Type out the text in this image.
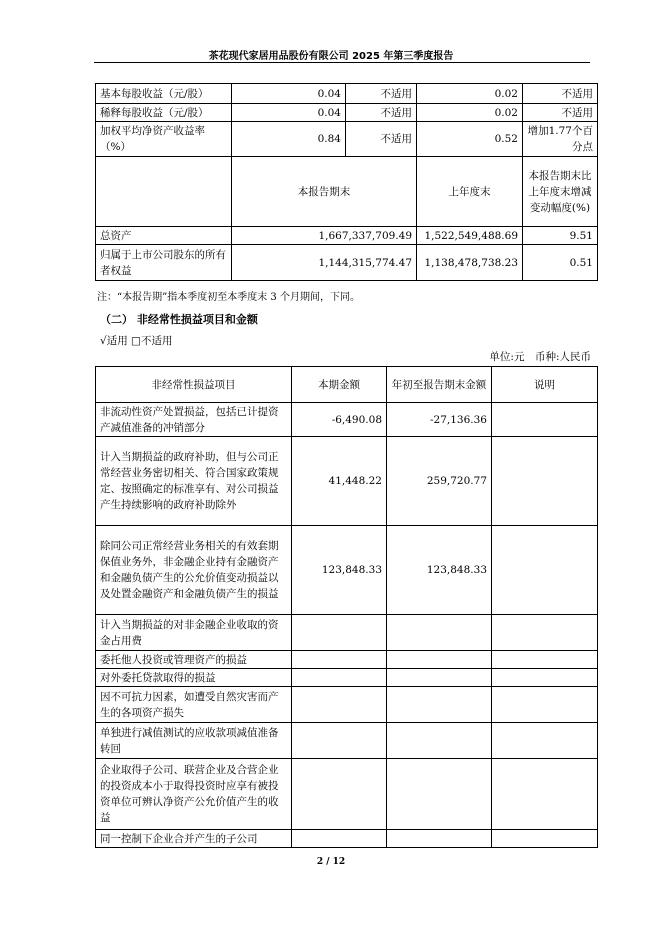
茶花现代家居用品股份有限公司 2025 年第三季度报告
基本每股收益（元/股）	0.04	不适用	0.02	不适用
稀释每股收益（元/股）	0.04	不适用	0.02	不适用
加权平均净资产收益率（%）	0.84	不适用	0.52	增加1.77个百分点
	本报告期末		上年度末	本报告期末比上年度末增减变动幅度(%)
总资产	1,667,337,709.49		1,522,549,488.69	9.51
归属于上市公司股东的所有者权益	1,144,315,774.47		1,138,478,738.23	0.51
注：“本报告期”指本季度初至本季度末 3 个月期间，下同。
（二） 非经常性损益项目和金额
√适用 □不适用
单位:元　币种:人民币
非经常性损益项目	本期金额	年初至报告期末金额	说明
非流动性资产处置损益，包括已计提资产减值准备的冲销部分	-6,490.08	-27,136.36	
计入当期损益的政府补助，但与公司正常经营业务密切相关、符合国家政策规定、按照确定的标准享有、对公司损益产生持续影响的政府补助除外	41,448.22	259,720.77	
除同公司正常经营业务相关的有效套期保值业务外，非金融企业持有金融资产和金融负债产生的公允价值变动损益以及处置金融资产和金融负债产生的损益	123,848.33	123,848.33	
计入当期损益的对非金融企业收取的资金占用费			
委托他人投资或管理资产的损益			
对外委托贷款取得的损益			
因不可抗力因素，如遭受自然灾害而产生的各项资产损失			
单独进行减值测试的应收款项减值准备转回			
企业取得子公司、联营企业及合营企业的投资成本小于取得投资时应享有被投资单位可辨认净资产公允价值产生的收益			
同一控制下企业合并产生的子公司			
2 / 12
